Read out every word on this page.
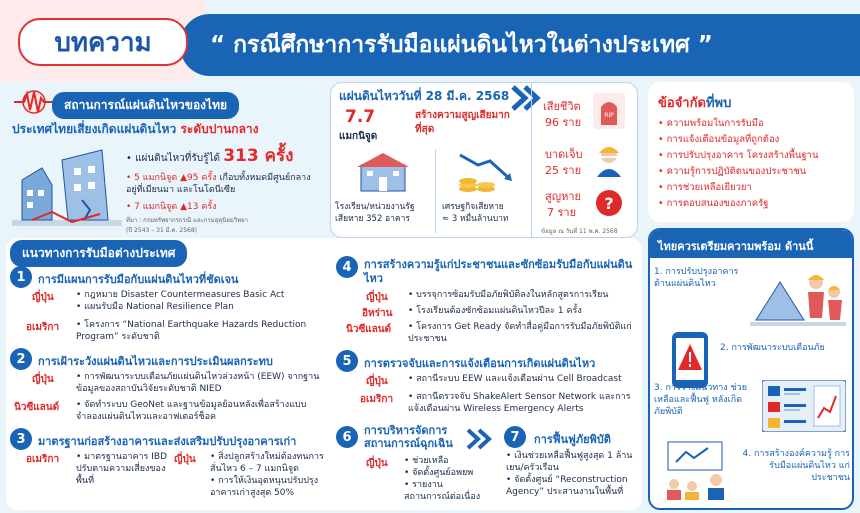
“ กรณีศึกษาการรับมือแผ่นดินไหวในต่างประเทศ ”
บทความ
สถานการณ์แผ่นดินไหวของไทย
ประเทศไทยเสี่ยงเกิดแผ่นดินไหว ระดับปานกลาง
• แผ่นดินไหวที่รับรู้ได้ 313 ครั้ง
• 5 แมกนิจูด ▲95 ครั้ง เกือบทั้งหมดมีศูนย์กลางอยู่ที่เมียนมา และโนโดนีเซีย
• 7 แมกนิจูด ▲13 ครั้ง
ที่มา : กรมทรัพยากรธรณี และกรมอุตุนิยมวิทยา
(ปี 2543 – 31 มี.ค. 2568)
แผ่นดินไหววันที่ 28 มี.ค. 2568
7.7
แมกนิจูด
สร้างความสูญเสียมากที่สุด
โรงเรียน/หน่วยงานรัฐ
เสียหาย 352 อาคาร
เศรษฐกิจเสียหาย
≈ 3 หมื่นล้านบาท
เสียชีวิต
96 ราย
RIP
บาดเจ็บ
25 ราย
สูญหาย
7 ราย ?
ข้อมูล ณ วันที่ 11 พ.ค. 2568
ข้อจำกัดที่พบ
• ความพร้อมในการรับมือ
• การแจ้งเตือนข้อมูลที่ถูกต้อง
• การปรับปรุงอาคาร โครงสร้างพื้นฐาน
• ความรู้การปฏิบัติตนของประชาชน
• การช่วยเหลือเยียวยา
• การตอบสนองของภาครัฐ
แนวทางการรับมือต่างประเทศ
1	การมีแผนการรับมือกับแผ่นดินไหวที่ชัดเจน
ญี่ปุ่น	• กฎหมาย Disaster Countermeasures Basic Act
• แผนรับมือ National Resilience Plan
อเมริกา	• โครงการ “National Earthquake Hazards Reduction Program” ระดับชาติ
2	การเฝ้าระวังแผ่นดินไหวและการประเมินผลกระทบ
ญี่ปุ่น	• การพัฒนาระบบเตือนภัยแผ่นดินไหวล่วงหน้า (EEW) จากฐานข้อมูลของสถาบันวิจัยระดับชาติ NIED
นิวซีแลนด์	• จัดทำระบบ GeoNet และฐานข้อมูลย้อนหลังเพื่อสร้างแบบจำลองแผ่นดินไหวและอาฟเตอร์ช็อค
3	มาตรฐานก่อสร้างอาคารและส่งเสริมปรับปรุงอาคารเก่า
อเมริกา	• มาตรฐานอาคาร IBD ปรับตามความเสี่ยงของพื้นที่
ญี่ปุ่น	• สิ่งปลูกสร้างใหม่ต้องทนการสั่นไหว 6 – 7 แมกนิจูด
• การให้เงินอุดหนุนปรับปรุงอาคารเก่าสูงสุด 50%
4	การสร้างความรู้แก่ประชาชนและซักซ้อมรับมือกับแผ่นดินไหว
ญี่ปุ่น	• บรรจุการซ้อมรับมือภัยพิบัติลงในหลักสูตรการเรียน
อิหร่าน	• โรงเรียนต้องซักซ้อมแผ่นดินไหวปีละ 1 ครั้ง
นิวซีแลนด์	• โครงการ Get Ready จัดทำสื่อคู่มือการรับมือภัยพิบัติแก่ประชาชน
5	การตรวจจับและการแจ้งเตือนการเกิดแผ่นดินไหว
ญี่ปุ่น	• สถานีระบบ EEW และแจ้งเตือนผ่าน Cell Broadcast
อเมริกา	• สถานีตรวจจับ ShakeAlert Sensor Network และการแจ้งเตือนผ่าน Wireless Emergency Alerts
6	การบริหารจัดการสถานการณ์ฉุกเฉิน
ญี่ปุ่น	• ช่วยเหลือ
• จัดตั้งศูนย์อพยพ
• รายงานสถานการณ์ต่อเนื่อง
7	การฟื้นฟูภัยพิบัติ
• เงินช่วยเหลือฟื้นฟูสูงสุด 1 ล้านเยน/ครัวเรือน
• จัดตั้งศูนย์ “Reconstruction Agency” ประสานงานในพื้นที่
ไทยควรเตรียมความพร้อม ด้านนี้
1. การปรับปรุงอาคาร ต้านแผ่นดินไหว
2. การพัฒนาระบบเตือนภัย
3. การวางแนวทาง ช่วยเหลือและฟื้นฟู หลังเกิดภัยพิบัติ
4. การสร้างองค์ความรู้ การรับมือแผ่นดินไหว แก่ประชาชน
